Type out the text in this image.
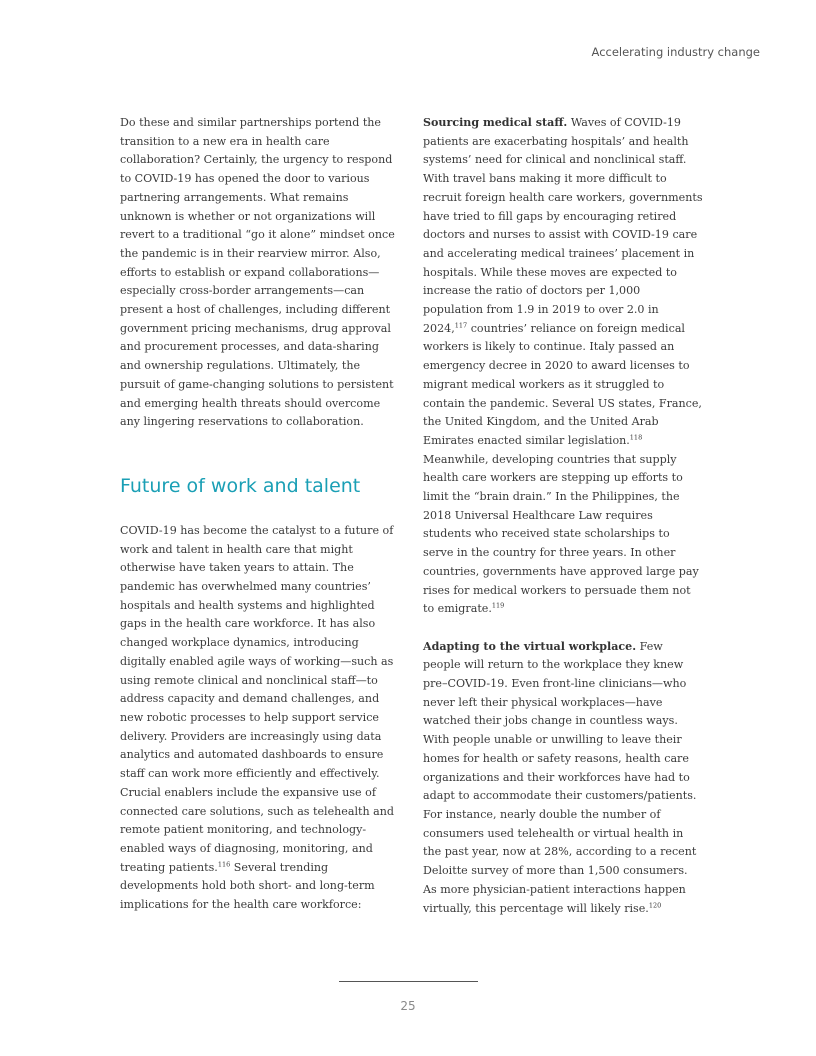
Accelerating industry change

Do these and similar partnerships portend the transition to a new era in health care collaboration? Certainly, the urgency to respond to COVID-19 has opened the door to various partnering arrangements. What remains unknown is whether or not organizations will revert to a traditional “go it alone” mindset once the pandemic is in their rearview mirror. Also, efforts to establish or expand collaborations—especially cross-border arrangements—can present a host of challenges, including different government pricing mechanisms, drug approval and procurement processes, and data-sharing and ownership regulations. Ultimately, the pursuit of game-changing solutions to persistent and emerging health threats should overcome any lingering reservations to collaboration.

Future of work and talent

COVID-19 has become the catalyst to a future of work and talent in health care that might otherwise have taken years to attain. The pandemic has overwhelmed many countries’ hospitals and health systems and highlighted gaps in the health care workforce. It has also changed workplace dynamics, introducing digitally enabled agile ways of working—such as using remote clinical and nonclinical staff—to address capacity and demand challenges, and new robotic processes to help support service delivery. Providers are increasingly using data analytics and automated dashboards to ensure staff can work more efficiently and effectively. Crucial enablers include the expansive use of connected care solutions, such as telehealth and remote patient monitoring, and technology-enabled ways of diagnosing, monitoring, and treating patients.$^{116}$ Several trending developments hold both short- and long-term implications for the health care workforce:

Sourcing medical staff. Waves of COVID-19 patients are exacerbating hospitals’ and health systems’ need for clinical and nonclinical staff. With travel bans making it more difficult to recruit foreign health care workers, governments have tried to fill gaps by encouraging retired doctors and nurses to assist with COVID-19 care and accelerating medical trainees’ placement in hospitals. While these moves are expected to increase the ratio of doctors per 1,000 population from 1.9 in 2019 to over 2.0 in 2024,$^{117}$ countries’ reliance on foreign medical workers is likely to continue. Italy passed an emergency decree in 2020 to award licenses to migrant medical workers as it struggled to contain the pandemic. Several US states, France, the United Kingdom, and the United Arab Emirates enacted similar legislation.$^{118}$ Meanwhile, developing countries that supply health care workers are stepping up efforts to limit the “brain drain.” In the Philippines, the 2018 Universal Healthcare Law requires students who received state scholarships to serve in the country for three years. In other countries, governments have approved large pay rises for medical workers to persuade them not to emigrate.$^{119}$

Adapting to the virtual workplace. Few people will return to the workplace they knew pre–COVID-19. Even front-line clinicians—who never left their physical workplaces—have watched their jobs change in countless ways. With people unable or unwilling to leave their homes for health or safety reasons, health care organizations and their workforces have had to adapt to accommodate their customers/patients. For instance, nearly double the number of consumers used telehealth or virtual health in the past year, now at 28%, according to a recent Deloitte survey of more than 1,500 consumers. As more physician-patient interactions happen virtually, this percentage will likely rise.$^{120}$

25
